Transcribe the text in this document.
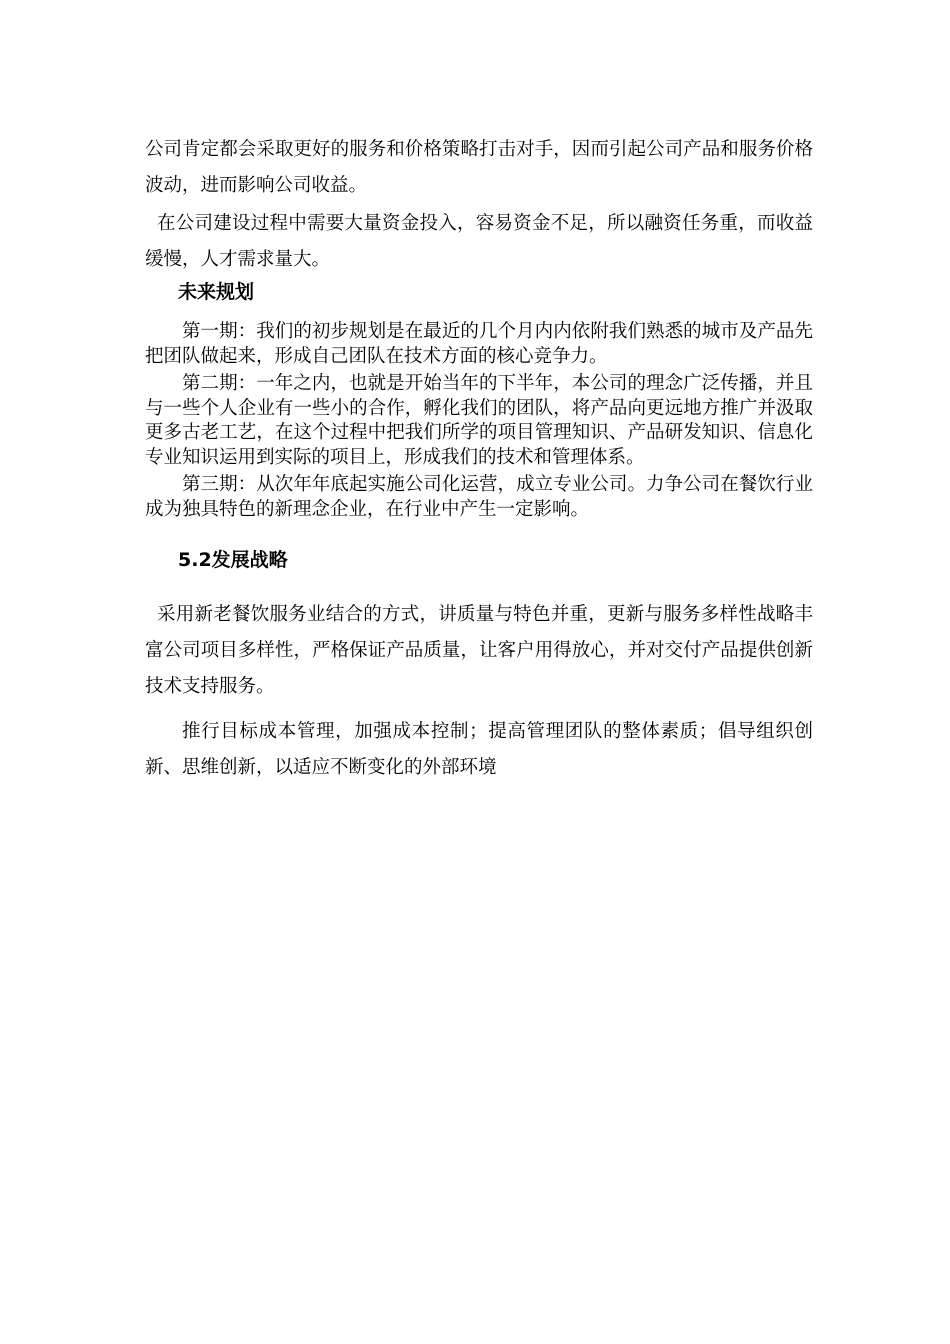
公司肯定都会采取更好的服务和价格策略打击对手，因而引起公司产品和服务价格波动，进而影响公司收益。

在公司建设过程中需要大量资金投入，容易资金不足，所以融资任务重，而收益缓慢，人才需求量大。

未来规划

第一期：我们的初步规划是在最近的几个月内内依附我们熟悉的城市及产品先把团队做起来，形成自己团队在技术方面的核心竞争力。

第二期：一年之内，也就是开始当年的下半年，本公司的理念广泛传播，并且与一些个人企业有一些小的合作，孵化我们的团队，将产品向更远地方推广并汲取更多古老工艺，在这个过程中把我们所学的项目管理知识、产品研发知识、信息化专业知识运用到实际的项目上，形成我们的技术和管理体系。

第三期：从次年年底起实施公司化运营，成立专业公司。力争公司在餐饮行业成为独具特色的新理念企业，在行业中产生一定影响。

5.2发展战略

采用新老餐饮服务业结合的方式，讲质量与特色并重，更新与服务多样性战略丰富公司项目多样性，严格保证产品质量，让客户用得放心，并对交付产品提供创新技术支持服务。

推行目标成本管理，加强成本控制；提高管理团队的整体素质；倡导组织创新、思维创新，以适应不断变化的外部环境
